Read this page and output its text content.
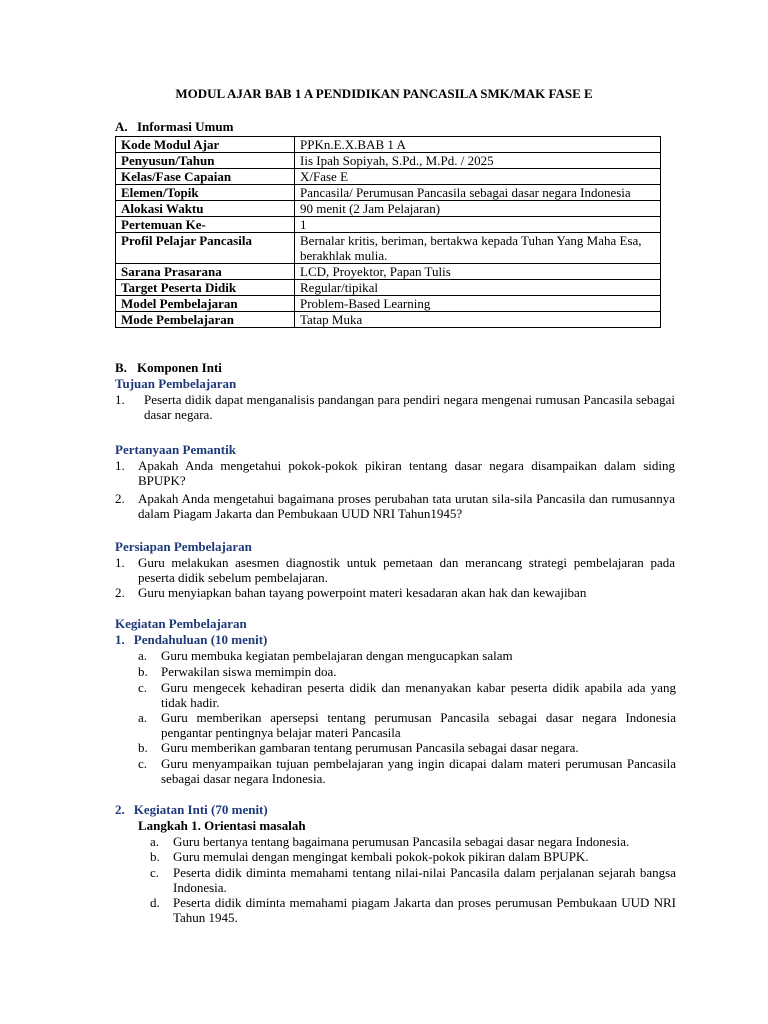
MODUL AJAR BAB 1 A PENDIDIKAN PANCASILA SMK/MAK FASE E
A. Informasi Umum
Kode Modul Ajar	PPKn.E.X.BAB 1 A
Penyusun/Tahun	Iis Ipah Sopiyah, S.Pd., M.Pd. / 2025
Kelas/Fase Capaian	X/Fase E
Elemen/Topik	Pancasila/ Perumusan Pancasila sebagai dasar negara Indonesia
Alokasi Waktu	90 menit (2 Jam Pelajaran)
Pertemuan Ke-	1
Profil Pelajar Pancasila	Bernalar kritis, beriman, bertakwa kepada Tuhan Yang Maha Esa, berakhlak mulia.
Sarana Prasarana	LCD, Proyektor, Papan Tulis
Target Peserta Didik	Regular/tipikal
Model Pembelajaran	Problem-Based Learning
Mode Pembelajaran	Tatap Muka
B. Komponen Inti
Tujuan Pembelajaran
1. Peserta didik dapat menganalisis pandangan para pendiri negara mengenai rumusan Pancasila sebagai dasar negara.
Pertanyaan Pemantik
1. Apakah Anda mengetahui pokok-pokok pikiran tentang dasar negara disampaikan dalam siding BPUPK?
2. Apakah Anda mengetahui bagaimana proses perubahan tata urutan sila-sila Pancasila dan rumusannya dalam Piagam Jakarta dan Pembukaan UUD NRI Tahun1945?
Persiapan Pembelajaran
1. Guru melakukan asesmen diagnostik untuk pemetaan dan merancang strategi pembelajaran pada peserta didik sebelum pembelajaran.
2. Guru menyiapkan bahan tayang powerpoint materi kesadaran akan hak dan kewajiban
Kegiatan Pembelajaran
1. Pendahuluan (10 menit)
a. Guru membuka kegiatan pembelajaran dengan mengucapkan salam
b. Perwakilan siswa memimpin doa.
c. Guru mengecek kehadiran peserta didik dan menanyakan kabar peserta didik apabila ada yang tidak hadir.
a. Guru memberikan apersepsi tentang perumusan Pancasila sebagai dasar negara Indonesia pengantar pentingnya belajar materi Pancasila
b. Guru memberikan gambaran tentang perumusan Pancasila sebagai dasar negara.
c. Guru menyampaikan tujuan pembelajaran yang ingin dicapai dalam materi perumusan Pancasila sebagai dasar negara Indonesia.
2. Kegiatan Inti (70 menit)
Langkah 1. Orientasi masalah
a. Guru bertanya tentang bagaimana perumusan Pancasila sebagai dasar negara Indonesia.
b. Guru memulai dengan mengingat kembali pokok-pokok pikiran dalam BPUPK.
c. Peserta didik diminta memahami tentang nilai-nilai Pancasila dalam perjalanan sejarah bangsa Indonesia.
d. Peserta didik diminta memahami piagam Jakarta dan proses perumusan Pembukaan UUD NRI Tahun 1945.
